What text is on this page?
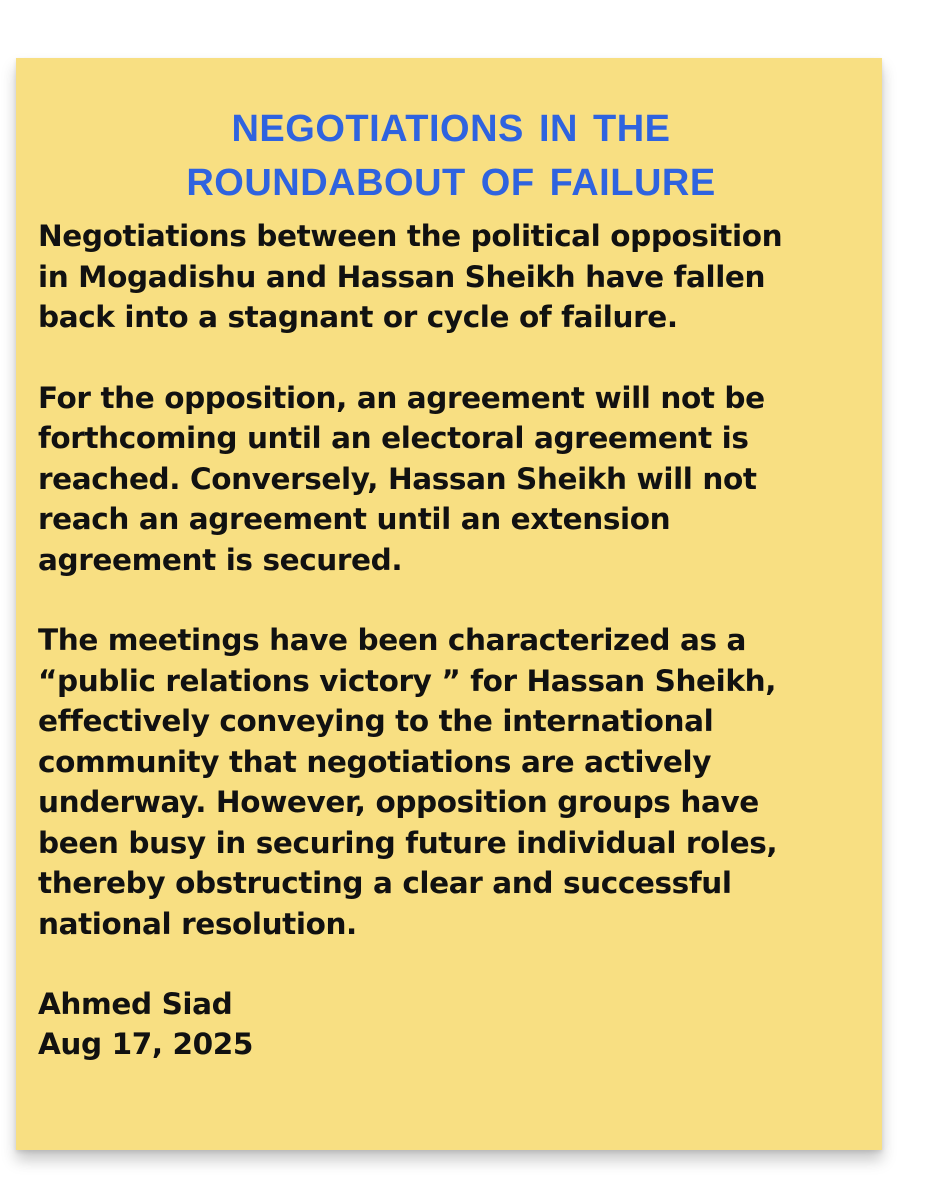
NEGOTIATIONS IN THE
ROUNDABOUT OF FAILURE

Negotiations between the political opposition
in Mogadishu and Hassan Sheikh have fallen
back into a stagnant or cycle of failure.

For the opposition, an agreement will not be
forthcoming until an electoral agreement is
reached. Conversely, Hassan Sheikh will not
reach an agreement until an extension
agreement is secured.

The meetings have been characterized as a
“public relations victory ” for Hassan Sheikh,
effectively conveying to the international
community that negotiations are actively
underway. However, opposition groups have
been busy in securing future individual roles,
thereby obstructing a clear and successful
national resolution.

Ahmed Siad
Aug 17, 2025
